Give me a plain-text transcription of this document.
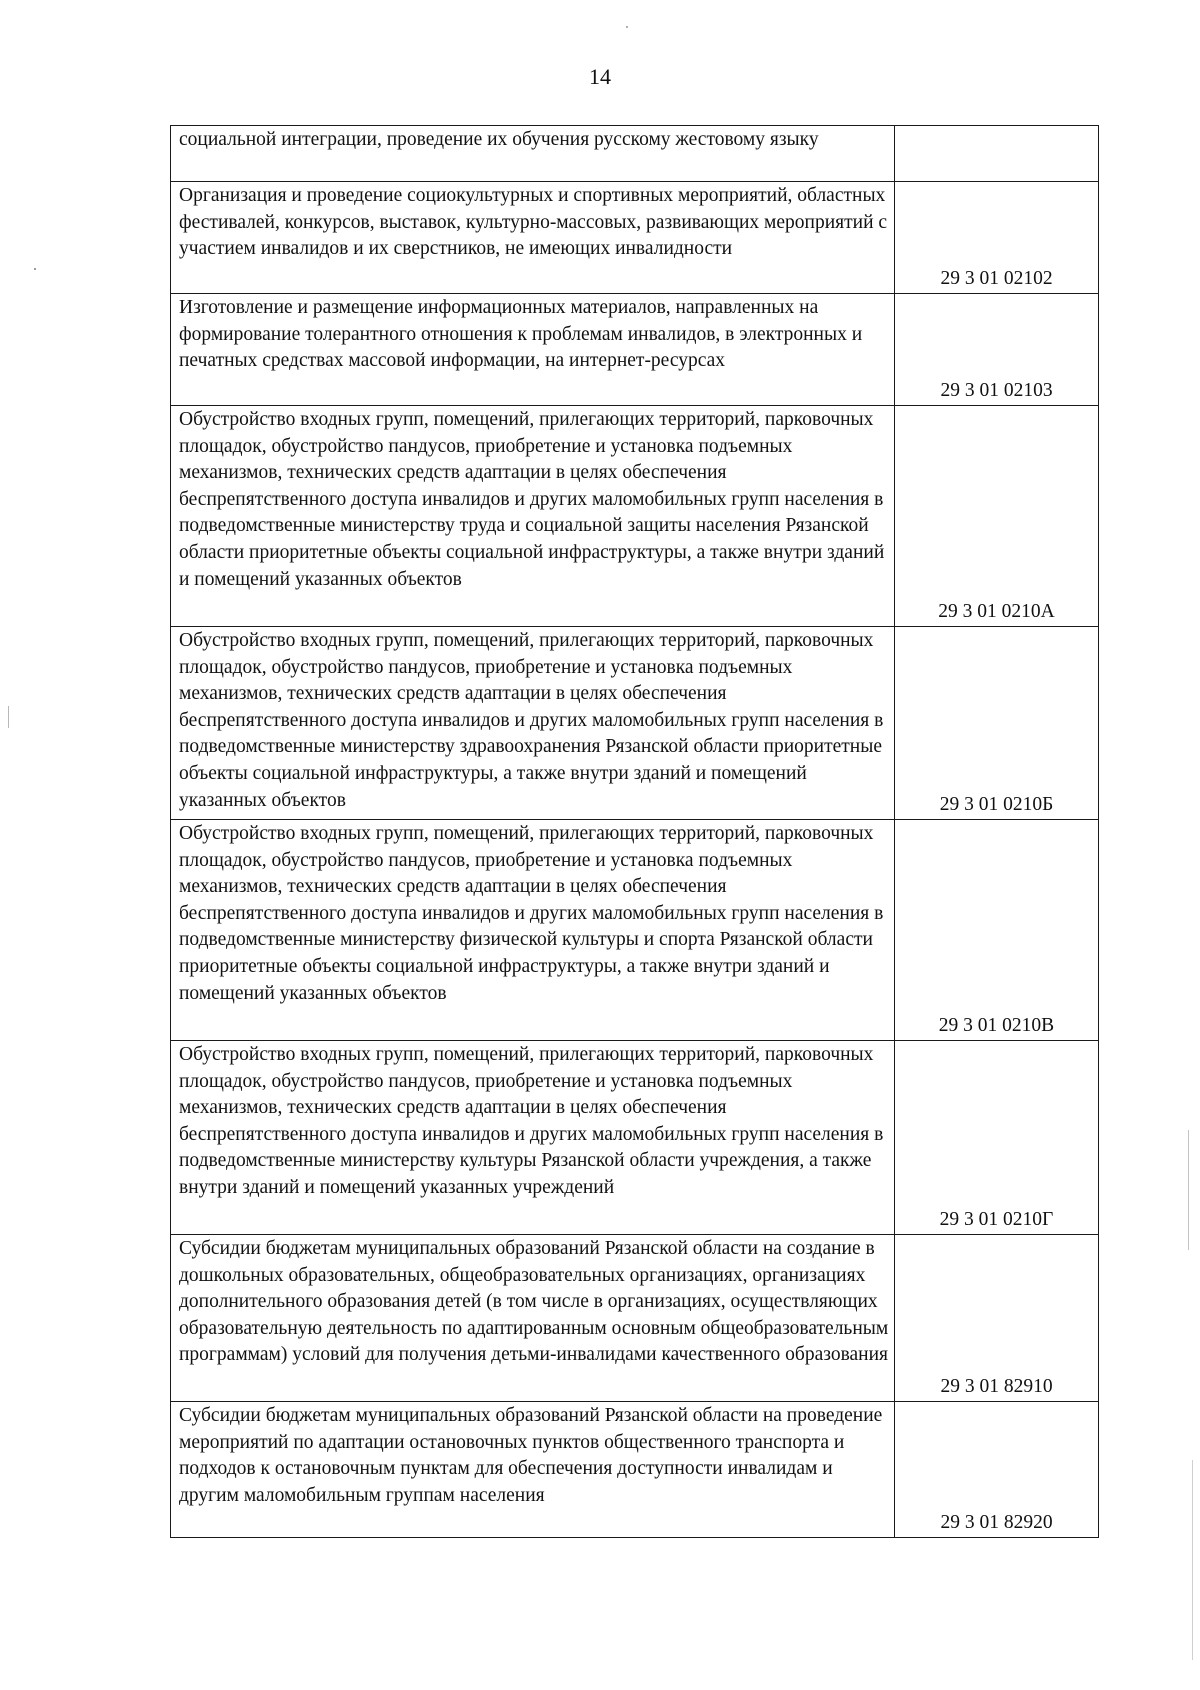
14
социальной интеграции, проведение их обучения русскому жестовому языку	
Организация и проведение социокультурных и спортивных мероприятий, областных фестивалей, конкурсов, выставок, культурно-массовых, развивающих мероприятий с участием инвалидов и их сверстников, не имеющих инвалидности	29 3 01 02102
Изготовление и размещение информационных материалов, направленных на формирование толерантного отношения к проблемам инвалидов, в электронных и печатных средствах массовой информации, на интернет-ресурсах	29 3 01 02103
Обустройство входных групп, помещений, прилегающих территорий, парковочных площадок, обустройство пандусов, приобретение и установка подъемных механизмов, технических средств адаптации в целях обеспечения беспрепятственного доступа инвалидов и других маломобильных групп населения в подведомственные министерству труда и социальной защиты населения Рязанской области приоритетные объекты социальной инфраструктуры, а также внутри зданий и помещений указанных объектов	29 3 01 0210А
Обустройство входных групп, помещений, прилегающих территорий, парковочных площадок, обустройство пандусов, приобретение и установка подъемных механизмов, технических средств адаптации в целях обеспечения беспрепятственного доступа инвалидов и других маломобильных групп населения в подведомственные министерству здравоохранения Рязанской области приоритетные объекты социальной инфраструктуры, а также внутри зданий и помещений указанных объектов	29 3 01 0210Б
Обустройство входных групп, помещений, прилегающих территорий, парковочных площадок, обустройство пандусов, приобретение и установка подъемных механизмов, технических средств адаптации в целях обеспечения беспрепятственного доступа инвалидов и других маломобильных групп населения в подведомственные министерству физической культуры и спорта Рязанской области приоритетные объекты социальной инфраструктуры, а также внутри зданий и помещений указанных объектов	29 3 01 0210В
Обустройство входных групп, помещений, прилегающих территорий, парковочных площадок, обустройство пандусов, приобретение и установка подъемных механизмов, технических средств адаптации в целях обеспечения беспрепятственного доступа инвалидов и других маломобильных групп населения в подведомственные министерству культуры Рязанской области учреждения, а также внутри зданий и помещений указанных учреждений	29 3 01 0210Г
Субсидии бюджетам муниципальных образований Рязанской области на создание в дошкольных образовательных, общеобразовательных организациях, организациях дополнительного образования детей (в том числе в организациях, осуществляющих образовательную деятельность по адаптированным основным общеобразовательным программам) условий для получения детьми-инвалидами качественного образования	29 3 01 82910
Субсидии бюджетам муниципальных образований Рязанской области на проведение мероприятий по адаптации остановочных пунктов общественного транспорта и подходов к остановочным пунктам для обеспечения доступности инвалидам и другим маломобильным группам населения	29 3 01 82920
